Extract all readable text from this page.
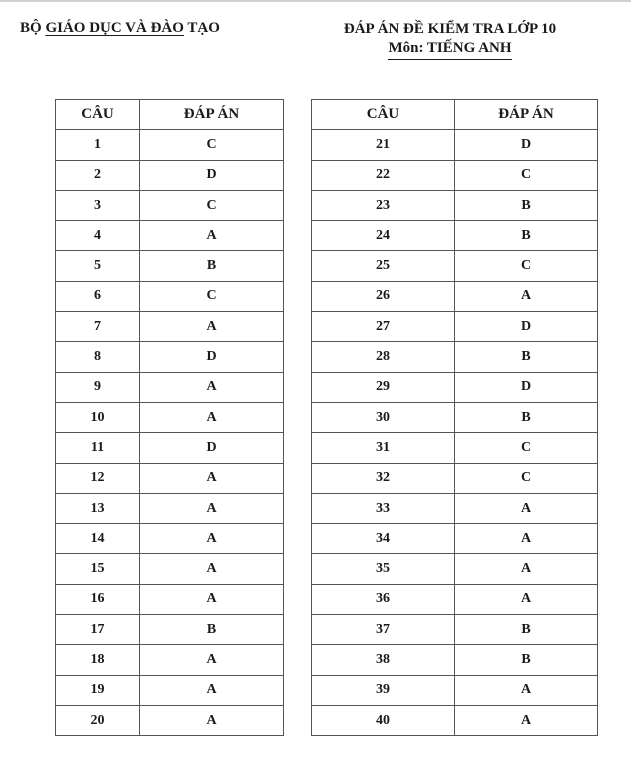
BỘ GIÁO DỤC VÀ ĐÀO TẠO	ĐÁP ÁN ĐỀ KIỂM TRA LỚP 10
Môn: TIẾNG ANH
CÂU	ĐÁP ÁN
1	C
2	D
3	C
4	A
5	B
6	C
7	A
8	D
9	A
10	A
11	D
12	A
13	A
14	A
15	A
16	A
17	B
18	A
19	A
20	A
CÂU	ĐÁP ÁN
21	D
22	C
23	B
24	B
25	C
26	A
27	D
28	B
29	D
30	B
31	C
32	C
33	A
34	A
35	A
36	A
37	B
38	B
39	A
40	A
